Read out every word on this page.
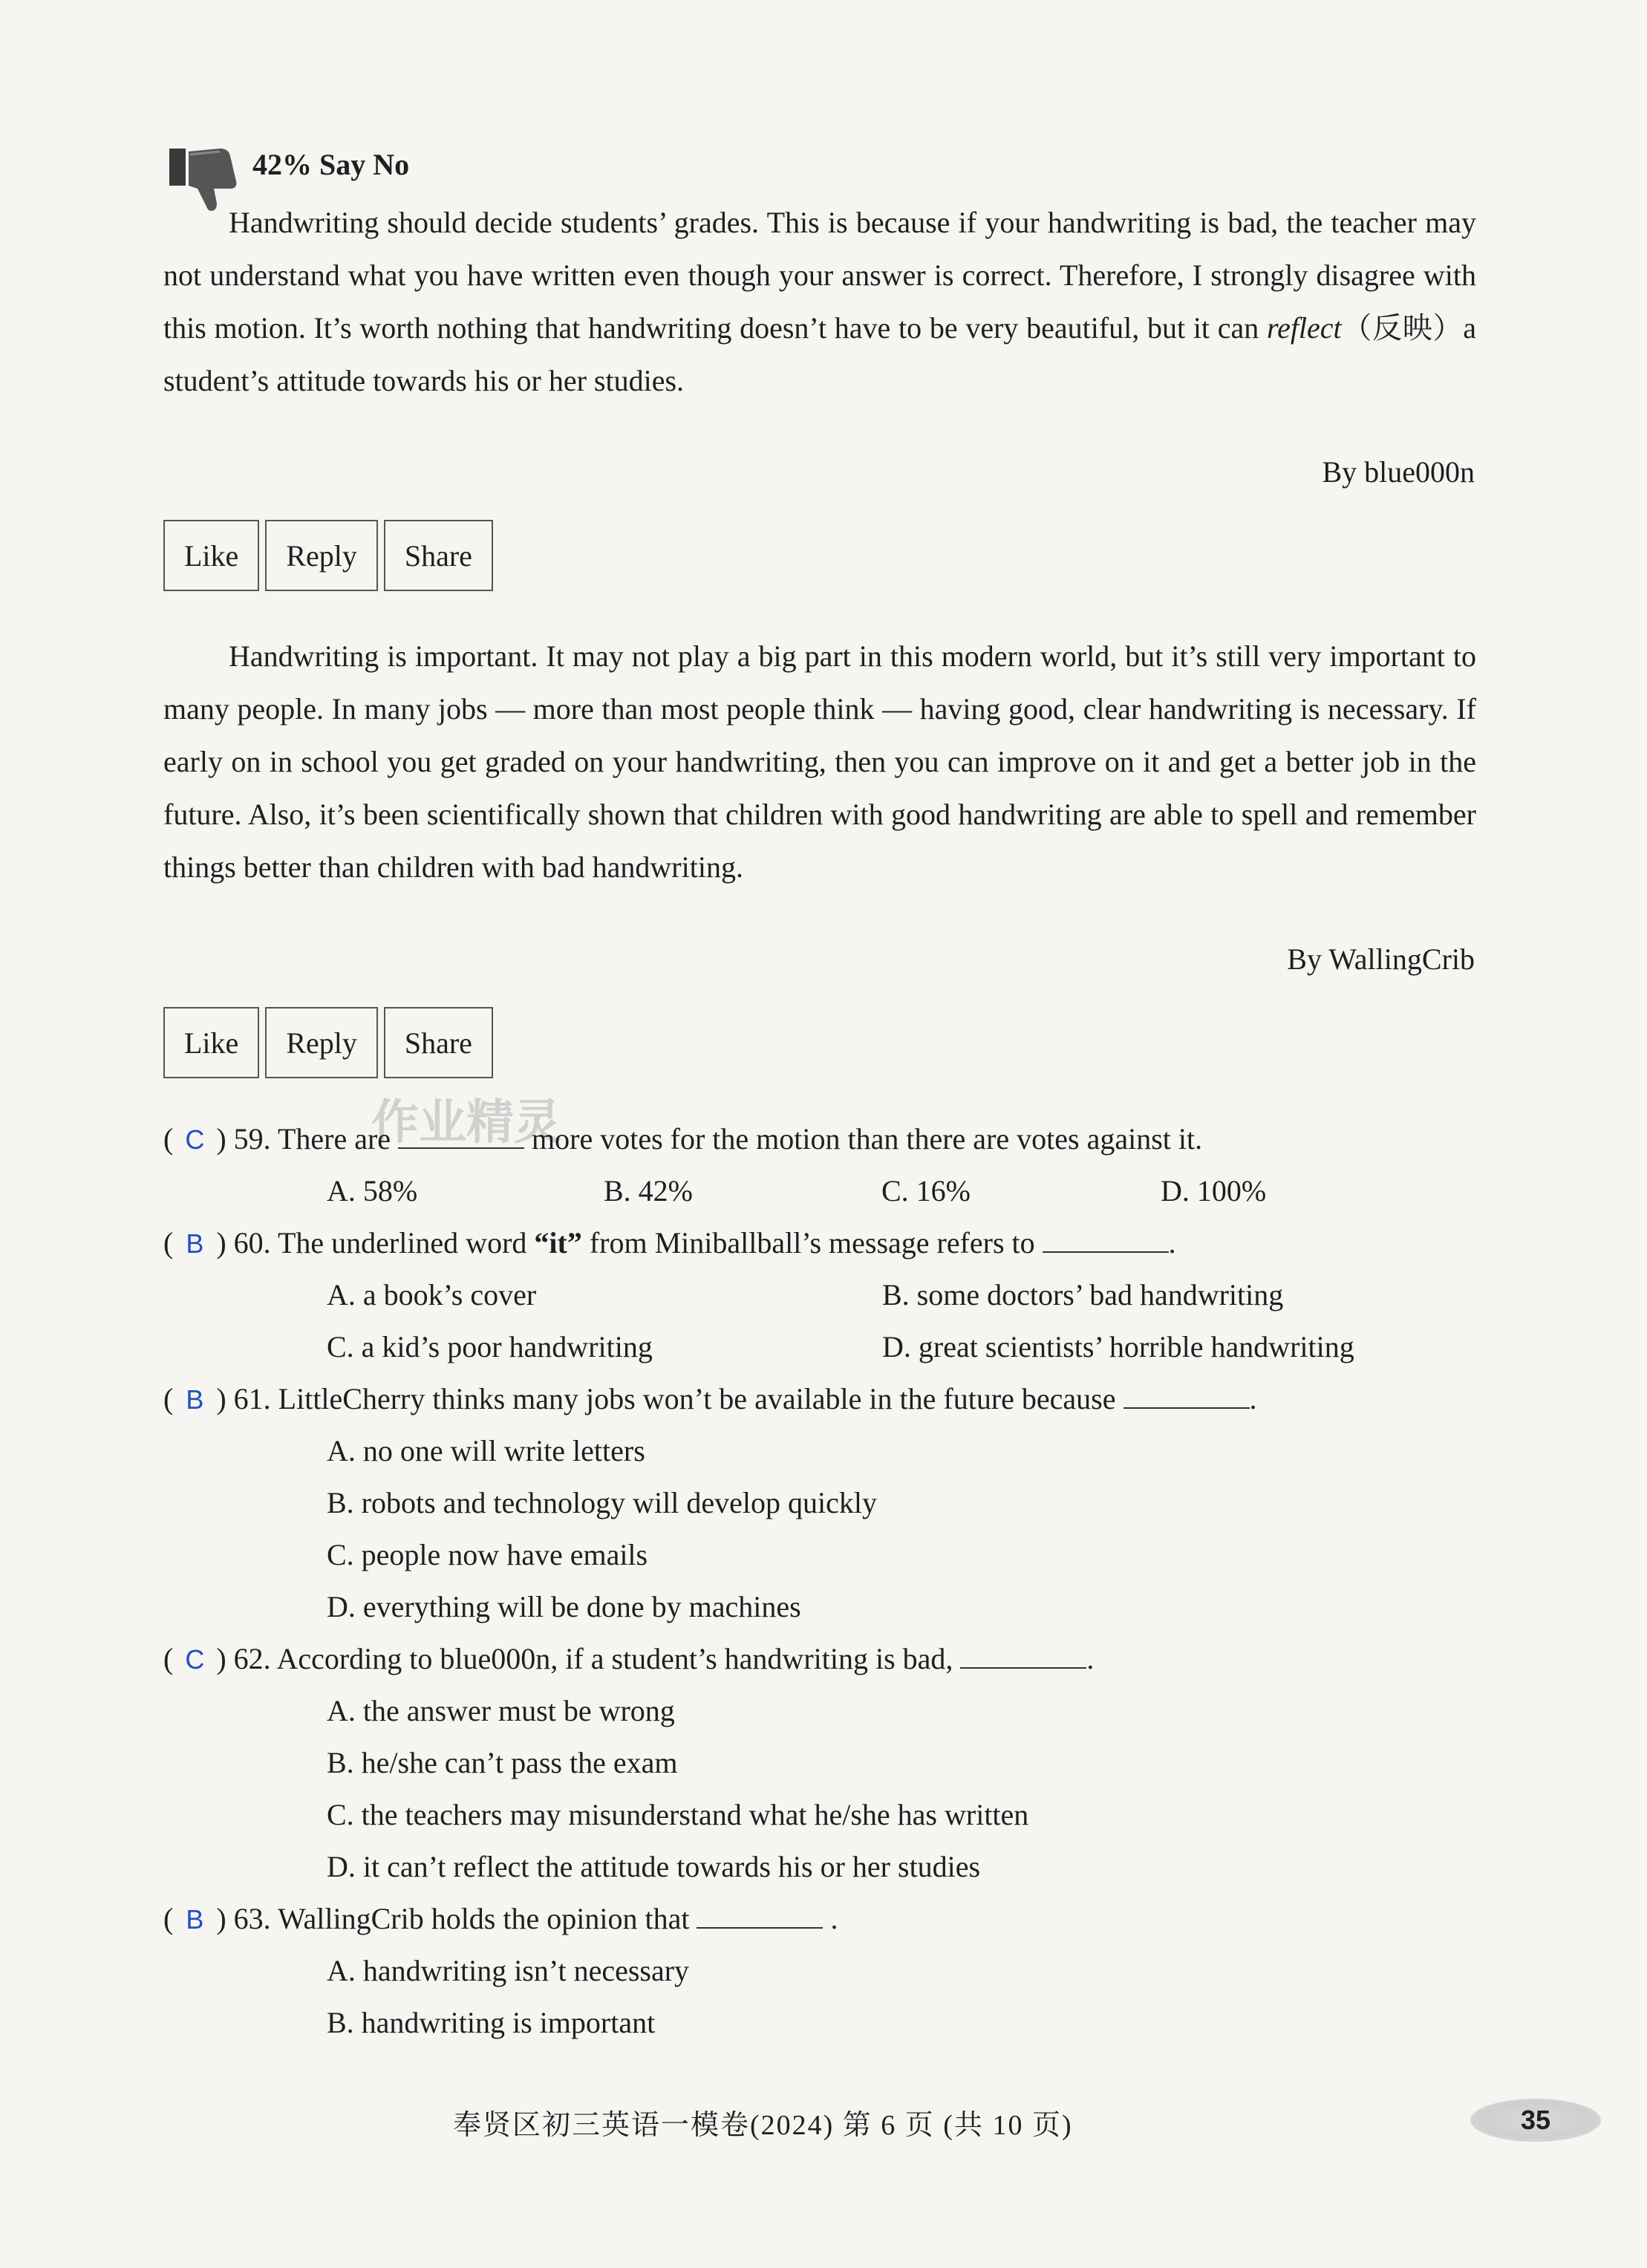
42% Say No
Handwriting should decide students’ grades. This is because if your handwriting is bad, the teacher may not understand what you have written even though your answer is correct. Therefore, I strongly disagree with this motion. It’s worth nothing that handwriting doesn’t have to be very beautiful, but it can reflect（反映）a student’s attitude towards his or her studies.
By blue000n
Like	Reply	Share
Handwriting is important. It may not play a big part in this modern world, but it’s still very important to many people. In many jobs — more than most people think — having good, clear handwriting is necessary. If early on in school you get graded on your handwriting, then you can improve on it and get a better job in the future. Also, it’s been scientifically shown that children with good handwriting are able to spell and remember things better than children with bad handwriting.
By WallingCrib
Like	Reply	Share
作业精灵
( C ) 59. There are	more votes for the motion than there are votes against it.
A. 58%	B. 42%	C. 16%	D. 100%
( B ) 60. The underlined word “it” from Miniballball’s message refers to	.
A. a book’s cover	B. some doctors’ bad handwriting
C. a kid’s poor handwriting	D. great scientists’ horrible handwriting
( B ) 61. LittleCherry thinks many jobs won’t be available in the future because	.
A. no one will write letters
B. robots and technology will develop quickly
C. people now have emails
D. everything will be done by machines
( C ) 62. According to blue000n, if a student’s handwriting is bad,	.
A. the answer must be wrong
B. he/she can’t pass the exam
C. the teachers may misunderstand what he/she has written
D. it can’t reflect the attitude towards his or her studies
( B ) 63. WallingCrib holds the opinion that	.
A. handwriting isn’t necessary
B. handwriting is important
奉贤区初三英语一模卷(2024) 第 6 页 (共 10 页)	35
